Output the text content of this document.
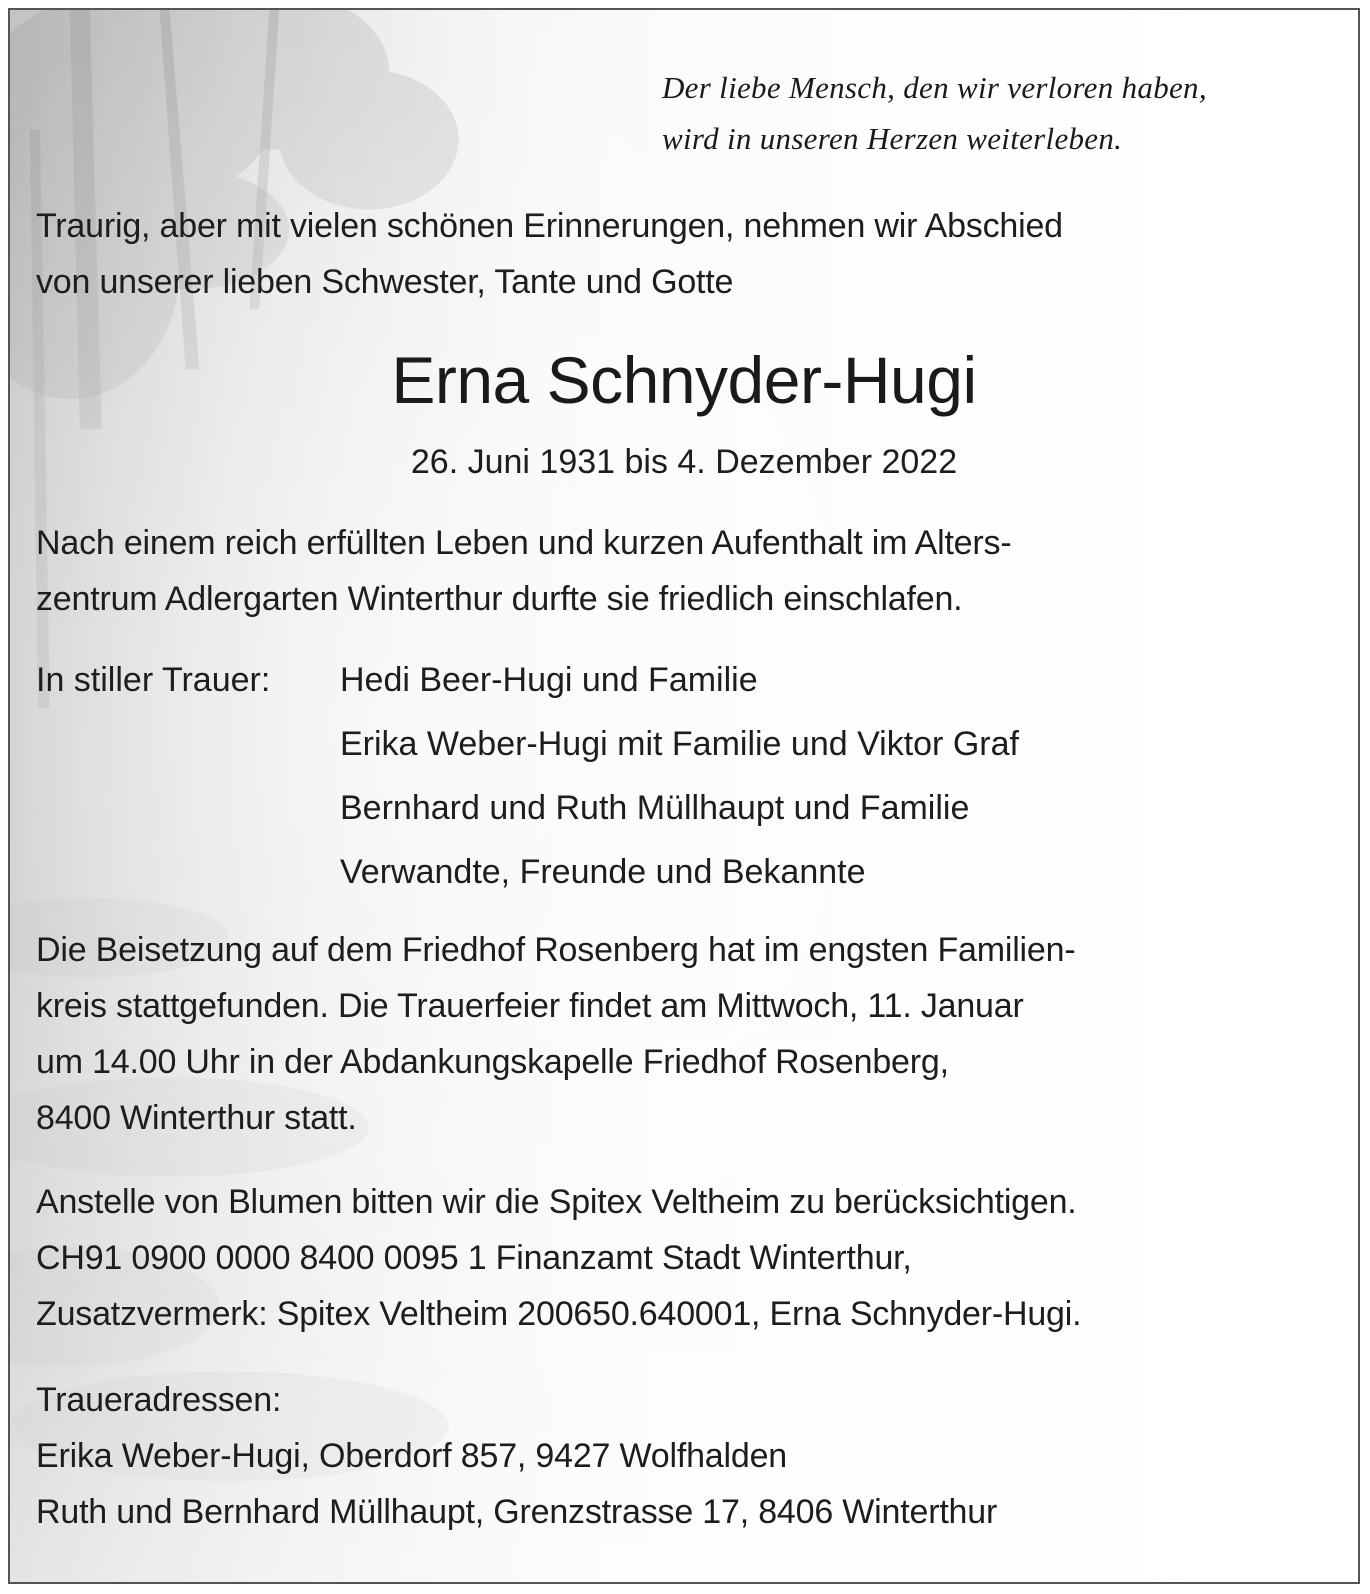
Der liebe Mensch, den wir verloren haben,
wird in unseren Herzen weiterleben.
Traurig, aber mit vielen schönen Erinnerungen, nehmen wir Abschied
von unserer lieben Schwester, Tante und Gotte
Erna Schnyder-Hugi
26. Juni 1931 bis 4. Dezember 2022
Nach einem reich erfüllten Leben und kurzen Aufenthalt im Alters-
zentrum Adlergarten Winterthur durfte sie friedlich einschlafen.
In stiller Trauer: Hedi Beer-Hugi und Familie
Erika Weber-Hugi mit Familie und Viktor Graf
Bernhard und Ruth Müllhaupt und Familie
Verwandte, Freunde und Bekannte
Die Beisetzung auf dem Friedhof Rosenberg hat im engsten Familien-
kreis stattgefunden. Die Trauerfeier findet am Mittwoch, 11. Januar
um 14.00 Uhr in der Abdankungskapelle Friedhof Rosenberg,
8400 Winterthur statt.
Anstelle von Blumen bitten wir die Spitex Veltheim zu berücksichtigen.
CH91 0900 0000 8400 0095 1 Finanzamt Stadt Winterthur,
Zusatzvermerk: Spitex Veltheim 200650.640001, Erna Schnyder-Hugi.
Traueradressen:
Erika Weber-Hugi, Oberdorf 857, 9427 Wolfhalden
Ruth und Bernhard Müllhaupt, Grenzstrasse 17, 8406 Winterthur
